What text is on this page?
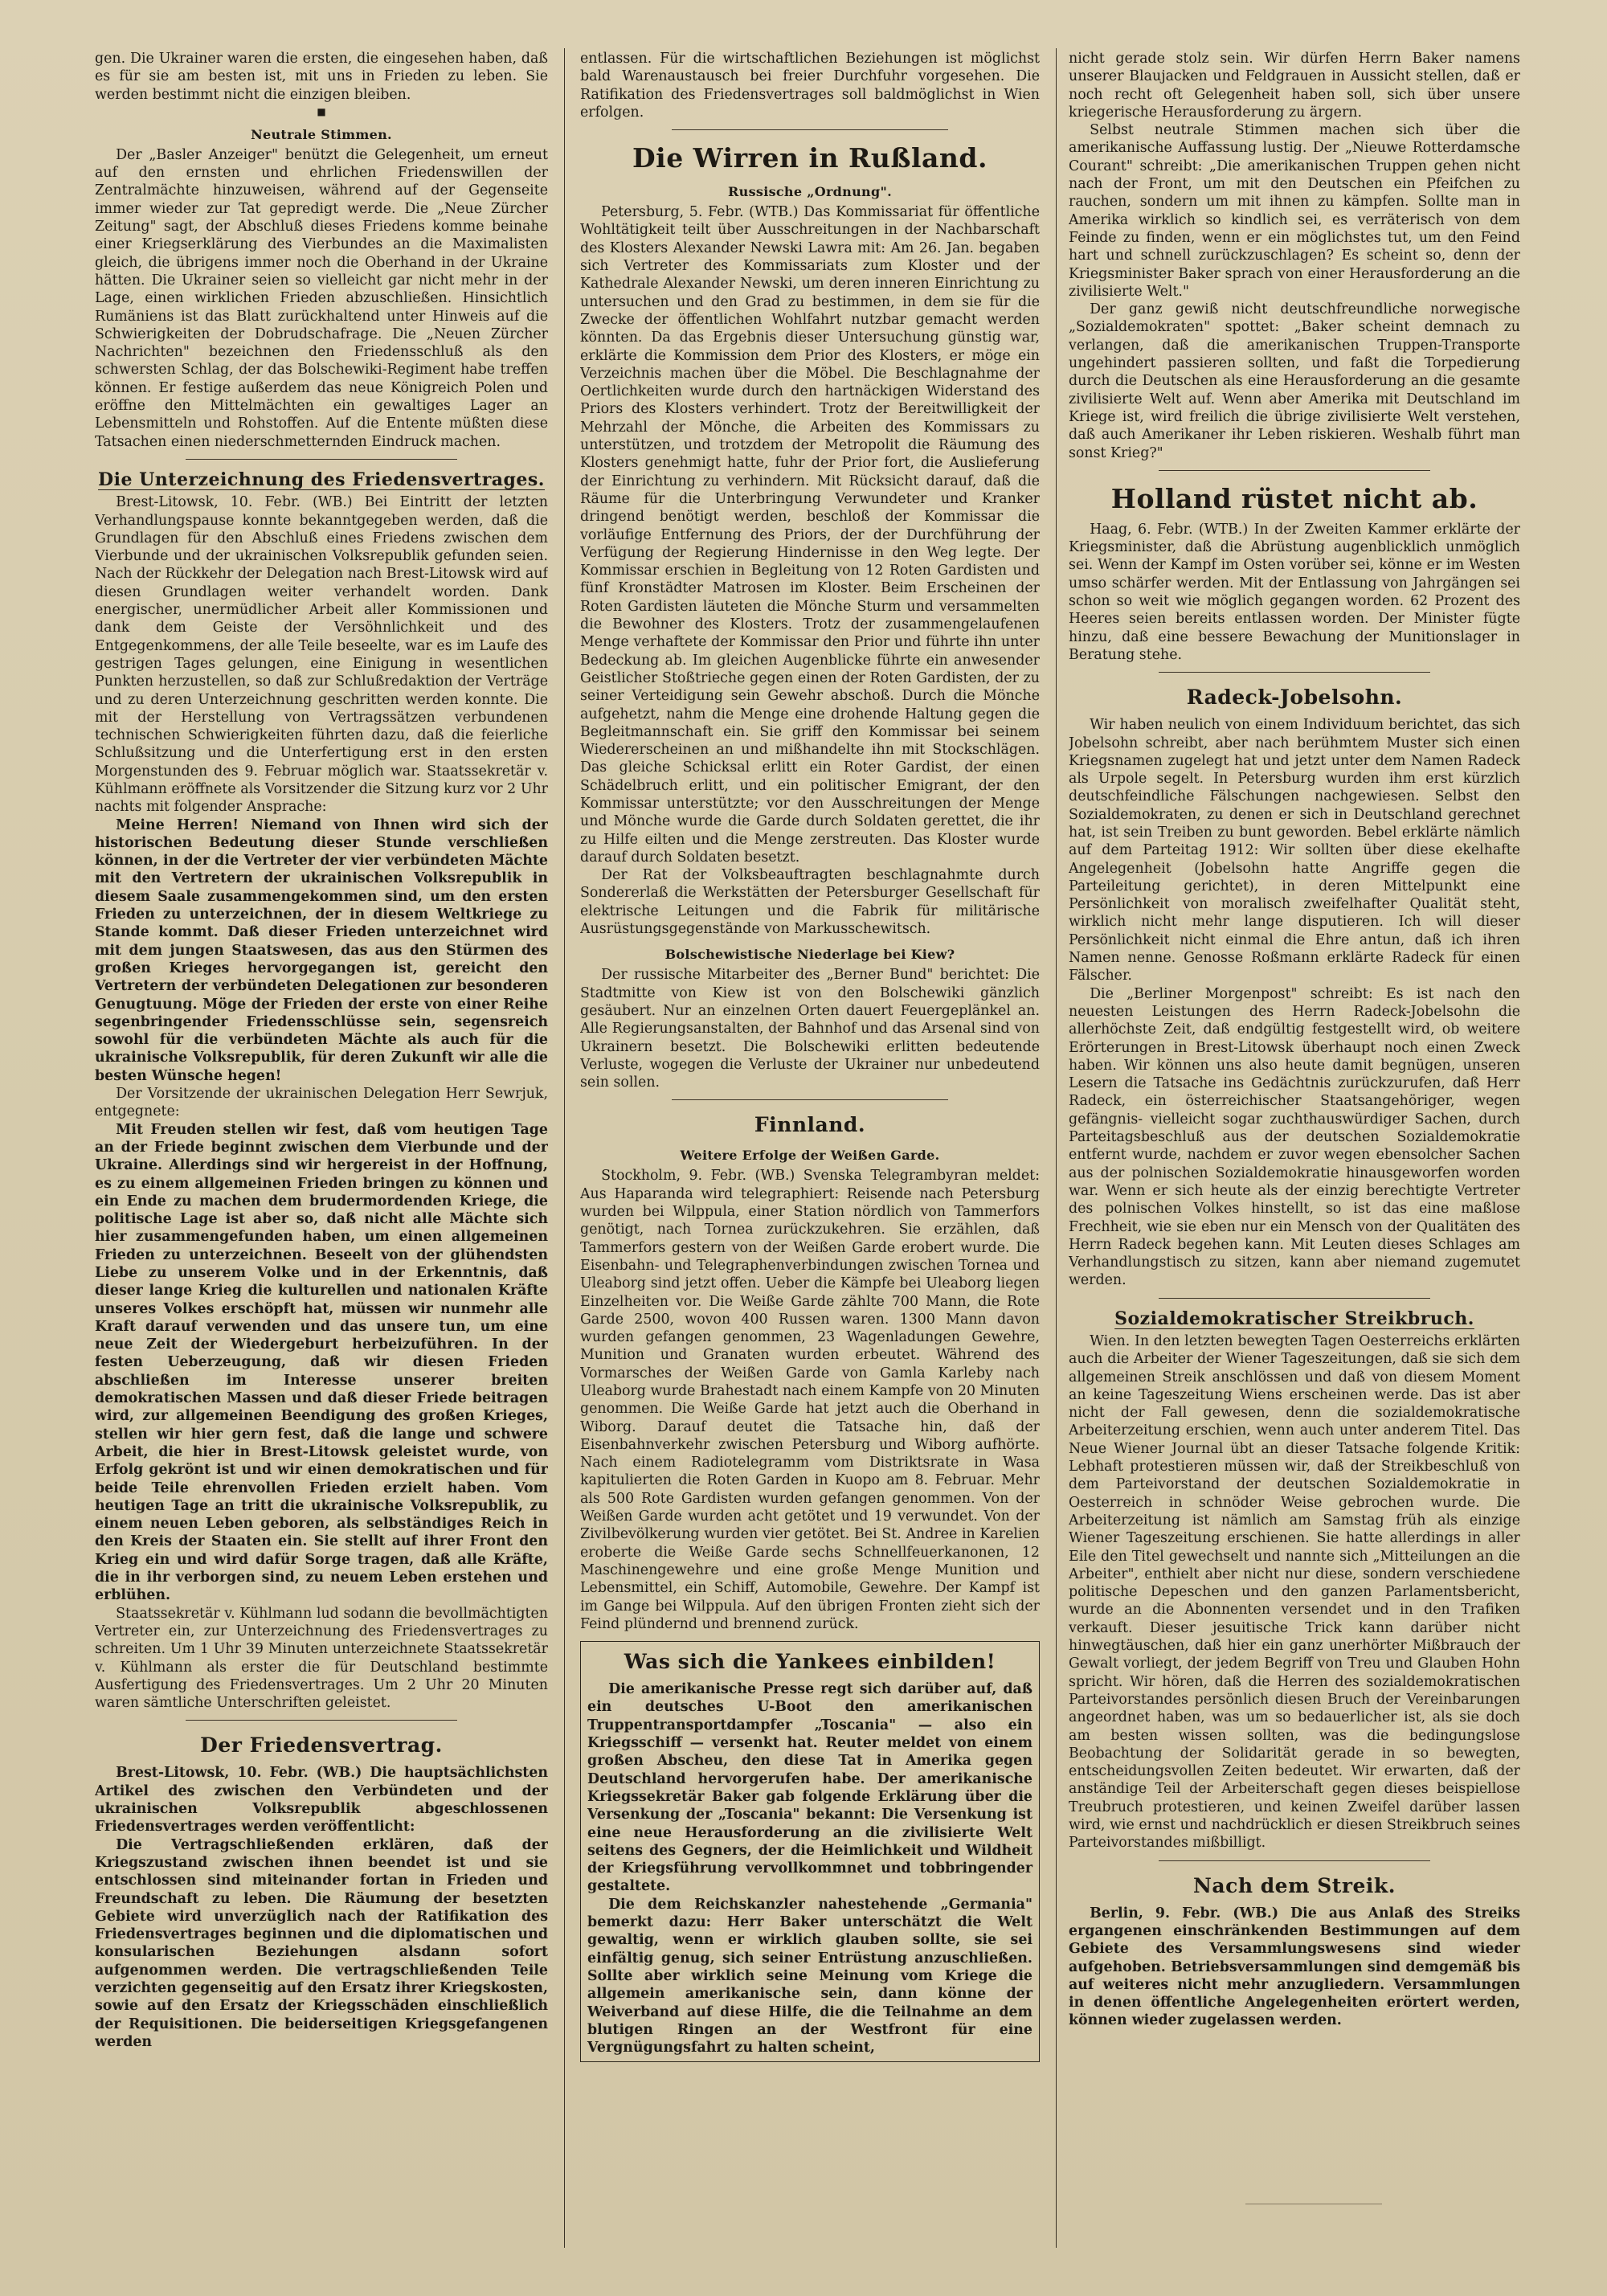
gen. Die Ukrainer waren die ersten, die eingesehen haben, daß es für sie am besten ist, mit uns in Frieden zu leben. Sie werden bestimmt nicht die einzigen bleiben.

■
Neutrale Stimmen.

Der „Basler Anzeiger" benützt die Gelegenheit, um erneut auf den ernsten und ehrlichen Friedenswillen der Zentralmächte hinzuweisen, während auf der Gegenseite immer wieder zur Tat gepredigt werde. Die „Neue Zürcher Zeitung" sagt, der Abschluß dieses Friedens komme beinahe einer Kriegserklärung des Vierbundes an die Maximalisten gleich, die übrigens immer noch die Oberhand in der Ukraine hätten. Die Ukrainer seien so vielleicht gar nicht mehr in der Lage, einen wirklichen Frieden abzuschließen. Hinsichtlich Rumäniens ist das Blatt zurückhaltend unter Hinweis auf die Schwierigkeiten der Dobrudschafrage. Die „Neuen Zürcher Nachrichten" bezeichnen den Friedensschluß als den schwersten Schlag, der das Bolschewiki-Regiment habe treffen können. Er festige außerdem das neue Königreich Polen und eröffne den Mittelmächten ein gewaltiges Lager an Lebensmitteln und Rohstoffen. Auf die Entente müßten diese Tatsachen einen niederschmetternden Eindruck machen.

Die Unterzeichnung des Friedensvertrages.

Brest-Litowsk, 10. Febr. (WB.) Bei Eintritt der letzten Verhandlungspause konnte bekanntgegeben werden, daß die Grundlagen für den Abschluß eines Friedens zwischen dem Vierbunde und der ukrainischen Volksrepublik gefunden seien. Nach der Rückkehr der Delegation nach Brest-Litowsk wird auf diesen Grundlagen weiter verhandelt worden. Dank energischer, unermüdlicher Arbeit aller Kommissionen und dank dem Geiste der Versöhnlichkeit und des Entgegenkommens, der alle Teile beseelte, war es im Laufe des gestrigen Tages gelungen, eine Einigung in wesentlichen Punkten herzustellen, so daß zur Schlußredaktion der Verträge und zu deren Unterzeichnung geschritten werden konnte. Die mit der Herstellung von Vertragssätzen verbundenen technischen Schwierigkeiten führten dazu, daß die feierliche Schlußsitzung und die Unterfertigung erst in den ersten Morgenstunden des 9. Februar möglich war. Staatssekretär v. Kühlmann eröffnete als Vorsitzender die Sitzung kurz vor 2 Uhr nachts mit folgender Ansprache:

Meine Herren! Niemand von Ihnen wird sich der historischen Bedeutung dieser Stunde verschließen können, in der die Vertreter der vier verbündeten Mächte mit den Vertretern der ukrainischen Volksrepublik in diesem Saale zusammengekommen sind, um den ersten Frieden zu unterzeichnen, der in diesem Weltkriege zu Stande kommt. Daß dieser Frieden unterzeichnet wird mit dem jungen Staatswesen, das aus den Stürmen des großen Krieges hervorgegangen ist, gereicht den Vertretern der verbündeten Delegationen zur besonderen Genugtuung. Möge der Frieden der erste von einer Reihe segenbringender Friedensschlüsse sein, segensreich sowohl für die verbündeten Mächte als auch für die ukrainische Volksrepublik, für deren Zukunft wir alle die besten Wünsche hegen!

Der Vorsitzende der ukrainischen Delegation Herr Sewrjuk, entgegnete:

Mit Freuden stellen wir fest, daß vom heutigen Tage an der Friede beginnt zwischen dem Vierbunde und der Ukraine. Allerdings sind wir hergereist in der Hoffnung, es zu einem allgemeinen Frieden bringen zu können und ein Ende zu machen dem brudermordenden Kriege, die politische Lage ist aber so, daß nicht alle Mächte sich hier zusammengefunden haben, um einen allgemeinen Frieden zu unterzeichnen. Beseelt von der glühendsten Liebe zu unserem Volke und in der Erkenntnis, daß dieser lange Krieg die kulturellen und nationalen Kräfte unseres Volkes erschöpft hat, müssen wir nunmehr alle Kraft darauf verwenden und das unsere tun, um eine neue Zeit der Wiedergeburt herbeizuführen. In der festen Ueberzeugung, daß wir diesen Frieden abschließen im Interesse unserer breiten demokratischen Massen und daß dieser Friede beitragen wird, zur allgemeinen Beendigung des großen Krieges, stellen wir hier gern fest, daß die lange und schwere Arbeit, die hier in Brest-Litowsk geleistet wurde, von Erfolg gekrönt ist und wir einen demokratischen und für beide Teile ehrenvollen Frieden erzielt haben. Vom heutigen Tage an tritt die ukrainische Volksrepublik, zu einem neuen Leben geboren, als selbständiges Reich in den Kreis der Staaten ein. Sie stellt auf ihrer Front den Krieg ein und wird dafür Sorge tragen, daß alle Kräfte, die in ihr verborgen sind, zu neuem Leben erstehen und erblühen.

Staatssekretär v. Kühlmann lud sodann die bevollmächtigten Vertreter ein, zur Unterzeichnung des Friedensvertrages zu schreiten. Um 1 Uhr 39 Minuten unterzeichnete Staatssekretär v. Kühlmann als erster die für Deutschland bestimmte Ausfertigung des Friedensvertrages. Um 2 Uhr 20 Minuten waren sämtliche Unterschriften geleistet.

Der Friedensvertrag.

Brest-Litowsk, 10. Febr. (WB.) Die hauptsächlichsten Artikel des zwischen den Verbündeten und der ukrainischen Volksrepublik abgeschlossenen Friedensvertrages werden veröffentlicht:

Die Vertragschließenden erklären, daß der Kriegszustand zwischen ihnen beendet ist und sie entschlossen sind miteinander fortan in Frieden und Freundschaft zu leben. Die Räumung der besetzten Gebiete wird unverzüglich nach der Ratifikation des Friedensvertrages beginnen und die diplomatischen und konsularischen Beziehungen alsdann sofort aufgenommen werden. Die vertragschließenden Teile verzichten gegenseitig auf den Ersatz ihrer Kriegskosten, sowie auf den Ersatz der Kriegsschäden einschließlich der Requisitionen. Die beiderseitigen Kriegsgefangenen werden

entlassen. Für die wirtschaftlichen Beziehungen ist möglichst bald Warenaustausch bei freier Durchfuhr vorgesehen. Die Ratifikation des Friedensvertrages soll baldmöglichst in Wien erfolgen.

Die Wirren in Rußland.
Russische „Ordnung".

Petersburg, 5. Febr. (WTB.) Das Kommissariat für öffentliche Wohltätigkeit teilt über Ausschreitungen in der Nachbarschaft des Klosters Alexander Newski Lawra mit: Am 26. Jan. begaben sich Vertreter des Kommissariats zum Kloster und der Kathedrale Alexander Newski, um deren inneren Einrichtung zu untersuchen und den Grad zu bestimmen, in dem sie für die Zwecke der öffentlichen Wohlfahrt nutzbar gemacht werden könnten. Da das Ergebnis dieser Untersuchung günstig war, erklärte die Kommission dem Prior des Klosters, er möge ein Verzeichnis machen über die Möbel. Die Beschlagnahme der Oertlichkeiten wurde durch den hartnäckigen Widerstand des Priors des Klosters verhindert. Trotz der Bereitwilligkeit der Mehrzahl der Mönche, die Arbeiten des Kommissars zu unterstützen, und trotzdem der Metropolit die Räumung des Klosters genehmigt hatte, fuhr der Prior fort, die Auslieferung der Einrichtung zu verhindern. Mit Rücksicht darauf, daß die Räume für die Unterbringung Verwundeter und Kranker dringend benötigt werden, beschloß der Kommissar die vorläufige Entfernung des Priors, der der Durchführung der Verfügung der Regierung Hindernisse in den Weg legte. Der Kommissar erschien in Begleitung von 12 Roten Gardisten und fünf Kronstädter Matrosen im Kloster. Beim Erscheinen der Roten Gardisten läuteten die Mönche Sturm und versammelten die Bewohner des Klosters. Trotz der zusammengelaufenen Menge verhaftete der Kommissar den Prior und führte ihn unter Bedeckung ab. Im gleichen Augenblicke führte ein anwesender Geistlicher Stoßtrieche gegen einen der Roten Gardisten, der zu seiner Verteidigung sein Gewehr abschoß. Durch die Mönche aufgehetzt, nahm die Menge eine drohende Haltung gegen die Begleitmannschaft ein. Sie griff den Kommissar bei seinem Wiedererscheinen an und mißhandelte ihn mit Stockschlägen. Das gleiche Schicksal erlitt ein Roter Gardist, der einen Schädelbruch erlitt, und ein politischer Emigrant, der den Kommissar unterstützte; vor den Ausschreitungen der Menge und Mönche wurde die Garde durch Soldaten gerettet, die ihr zu Hilfe eilten und die Menge zerstreuten. Das Kloster wurde darauf durch Soldaten besetzt.

Der Rat der Volksbeauftragten beschlagnahmte durch Sondererlaß die Werkstätten der Petersburger Gesellschaft für elektrische Leitungen und die Fabrik für militärische Ausrüstungsgegenstände von Markusschewitsch.

Bolschewistische Niederlage bei Kiew?

Der russische Mitarbeiter des „Berner Bund" berichtet: Die Stadtmitte von Kiew ist von den Bolschewiki gänzlich gesäubert. Nur an einzelnen Orten dauert Feuergeplänkel an. Alle Regierungsanstalten, der Bahnhof und das Arsenal sind von Ukrainern besetzt. Die Bolschewiki erlitten bedeutende Verluste, wogegen die Verluste der Ukrainer nur unbedeutend sein sollen.

Finnland.
Weitere Erfolge der Weißen Garde.

Stockholm, 9. Febr. (WB.) Svenska Telegrambyran meldet: Aus Haparanda wird telegraphiert: Reisende nach Petersburg wurden bei Wilppula, einer Station nördlich von Tammerfors genötigt, nach Tornea zurückzukehren. Sie erzählen, daß Tammerfors gestern von der Weißen Garde erobert wurde. Die Eisenbahn- und Telegraphenverbindungen zwischen Tornea und Uleaborg sind jetzt offen. Ueber die Kämpfe bei Uleaborg liegen Einzelheiten vor. Die Weiße Garde zählte 700 Mann, die Rote Garde 2500, wovon 400 Russen waren. 1300 Mann davon wurden gefangen genommen, 23 Wagenladungen Gewehre, Munition und Granaten wurden erbeutet. Während des Vormarsches der Weißen Garde von Gamla Karleby nach Uleaborg wurde Brahestadt nach einem Kampfe von 20 Minuten genommen. Die Weiße Garde hat jetzt auch die Oberhand in Wiborg. Darauf deutet die Tatsache hin, daß der Eisenbahnverkehr zwischen Petersburg und Wiborg aufhörte. Nach einem Radiotelegramm vom Distriktsrate in Wasa kapitulierten die Roten Garden in Kuopo am 8. Februar. Mehr als 500 Rote Gardisten wurden gefangen genommen. Von der Weißen Garde wurden acht getötet und 19 verwundet. Von der Zivilbevölkerung wurden vier getötet. Bei St. Andree in Karelien eroberte die Weiße Garde sechs Schnellfeuerkanonen, 12 Maschinengewehre und eine große Menge Munition und Lebensmittel, ein Schiff, Automobile, Gewehre. Der Kampf ist im Gange bei Wilppula. Auf den übrigen Fronten zieht sich der Feind plündernd und brennend zurück.

Was sich die Yankees einbilden!

Die amerikanische Presse regt sich darüber auf, daß ein deutsches U-Boot den amerikanischen Truppentransportdampfer „Toscania" — also ein Kriegsschiff — versenkt hat. Reuter meldet von einem großen Abscheu, den diese Tat in Amerika gegen Deutschland hervorgerufen habe. Der amerikanische Kriegssekretär Baker gab folgende Erklärung über die Versenkung der „Toscania" bekannt: Die Versenkung ist eine neue Herausforderung an die zivilisierte Welt seitens des Gegners, der die Heimlichkeit und Wildheit der Kriegsführung vervollkommnet und tobbringender gestaltete.

Die dem Reichskanzler nahestehende „Germania" bemerkt dazu: Herr Baker unterschätzt die Welt gewaltig, wenn er wirklich glauben sollte, sie sei einfältig genug, sich seiner Entrüstung anzuschließen. Sollte aber wirklich seine Meinung vom Kriege die allgemein amerikanische sein, dann könne der Weiverband auf diese Hilfe, die die Teilnahme an dem blutigen Ringen an der Westfront für eine Vergnügungsfahrt zu halten scheint,

nicht gerade stolz sein. Wir dürfen Herrn Baker namens unserer Blaujacken und Feldgrauen in Aussicht stellen, daß er noch recht oft Gelegenheit haben soll, sich über unsere kriegerische Herausforderung zu ärgern.

Selbst neutrale Stimmen machen sich über die amerikanische Auffassung lustig. Der „Nieuwe Rotterdamsche Courant" schreibt: „Die amerikanischen Truppen gehen nicht nach der Front, um mit den Deutschen ein Pfeifchen zu rauchen, sondern um mit ihnen zu kämpfen. Sollte man in Amerika wirklich so kindlich sei, es verräterisch von dem Feinde zu finden, wenn er ein möglichstes tut, um den Feind hart und schnell zurückzuschlagen? Es scheint so, denn der Kriegsminister Baker sprach von einer Herausforderung an die zivilisierte Welt."

Der ganz gewiß nicht deutschfreundliche norwegische „Sozialdemokraten" spottet: „Baker scheint demnach zu verlangen, daß die amerikanischen Truppen-Transporte ungehindert passieren sollten, und faßt die Torpedierung durch die Deutschen als eine Herausforderung an die gesamte zivilisierte Welt auf. Wenn aber Amerika mit Deutschland im Kriege ist, wird freilich die übrige zivilisierte Welt verstehen, daß auch Amerikaner ihr Leben riskieren. Weshalb führt man sonst Krieg?"

Holland rüstet nicht ab.

Haag, 6. Febr. (WTB.) In der Zweiten Kammer erklärte der Kriegsminister, daß die Abrüstung augenblicklich unmöglich sei. Wenn der Kampf im Osten vorüber sei, könne er im Westen umso schärfer werden. Mit der Entlassung von Jahrgängen sei schon so weit wie möglich gegangen worden. 62 Prozent des Heeres seien bereits entlassen worden. Der Minister fügte hinzu, daß eine bessere Bewachung der Munitionslager in Beratung stehe.

Radeck-Jobelsohn.

Wir haben neulich von einem Individuum berichtet, das sich Jobelsohn schreibt, aber nach berühmtem Muster sich einen Kriegsnamen zugelegt hat und jetzt unter dem Namen Radeck als Urpole segelt. In Petersburg wurden ihm erst kürzlich deutschfeindliche Fälschungen nachgewiesen. Selbst den Sozialdemokraten, zu denen er sich in Deutschland gerechnet hat, ist sein Treiben zu bunt geworden. Bebel erklärte nämlich auf dem Parteitag 1912: Wir sollten über diese ekelhafte Angelegenheit (Jobelsohn hatte Angriffe gegen die Parteileitung gerichtet), in deren Mittelpunkt eine Persönlichkeit von moralisch zweifelhafter Qualität steht, wirklich nicht mehr lange disputieren. Ich will dieser Persönlichkeit nicht einmal die Ehre antun, daß ich ihren Namen nenne. Genosse Roßmann erklärte Radeck für einen Fälscher.

Die „Berliner Morgenpost" schreibt: Es ist nach den neuesten Leistungen des Herrn Radeck-Jobelsohn die allerhöchste Zeit, daß endgültig festgestellt wird, ob weitere Erörterungen in Brest-Litowsk überhaupt noch einen Zweck haben. Wir können uns also heute damit begnügen, unseren Lesern die Tatsache ins Gedächtnis zurückzurufen, daß Herr Radeck, ein österreichischer Staatsangehöriger, wegen gefängnis- vielleicht sogar zuchthauswürdiger Sachen, durch Parteitagsbeschluß aus der deutschen Sozialdemokratie entfernt wurde, nachdem er zuvor wegen ebensolcher Sachen aus der polnischen Sozialdemokratie hinausgeworfen worden war. Wenn er sich heute als der einzig berechtigte Vertreter des polnischen Volkes hinstellt, so ist das eine maßlose Frechheit, wie sie eben nur ein Mensch von der Qualitäten des Herrn Radeck begehen kann. Mit Leuten dieses Schlages am Verhandlungstisch zu sitzen, kann aber niemand zugemutet werden.

Sozialdemokratischer Streikbruch.

Wien. In den letzten bewegten Tagen Oesterreichs erklärten auch die Arbeiter der Wiener Tageszeitungen, daß sie sich dem allgemeinen Streik anschlössen und daß von diesem Moment an keine Tageszeitung Wiens erscheinen werde. Das ist aber nicht der Fall gewesen, denn die sozialdemokratische Arbeiterzeitung erschien, wenn auch unter anderem Titel. Das Neue Wiener Journal übt an dieser Tatsache folgende Kritik: Lebhaft protestieren müssen wir, daß der Streikbeschluß von dem Parteivorstand der deutschen Sozialdemokratie in Oesterreich in schnöder Weise gebrochen wurde. Die Arbeiterzeitung ist nämlich am Samstag früh als einzige Wiener Tageszeitung erschienen. Sie hatte allerdings in aller Eile den Titel gewechselt und nannte sich „Mitteilungen an die Arbeiter", enthielt aber nicht nur diese, sondern verschiedene politische Depeschen und den ganzen Parlamentsbericht, wurde an die Abonnenten versendet und in den Trafiken verkauft. Dieser jesuitische Trick kann darüber nicht hinwegtäuschen, daß hier ein ganz unerhörter Mißbrauch der Gewalt vorliegt, der jedem Begriff von Treu und Glauben Hohn spricht. Wir hören, daß die Herren des sozialdemokratischen Parteivorstandes persönlich diesen Bruch der Vereinbarungen angeordnet haben, was um so bedauerlicher ist, als sie doch am besten wissen sollten, was die bedingungslose Beobachtung der Solidarität gerade in so bewegten, entscheidungsvollen Zeiten bedeutet. Wir erwarten, daß der anständige Teil der Arbeiterschaft gegen dieses beispiellose Treubruch protestieren, und keinen Zweifel darüber lassen wird, wie ernst und nachdrücklich er diesen Streikbruch seines Parteivorstandes mißbilligt.

Nach dem Streik.

Berlin, 9. Febr. (WB.) Die aus Anlaß des Streiks ergangenen einschränkenden Bestimmungen auf dem Gebiete des Versammlungswesens sind wieder aufgehoben. Betriebsversammlungen sind demgemäß bis auf weiteres nicht mehr anzugliedern. Versammlungen in denen öffentliche Angelegenheiten erörtert werden, können wieder zugelassen werden.
